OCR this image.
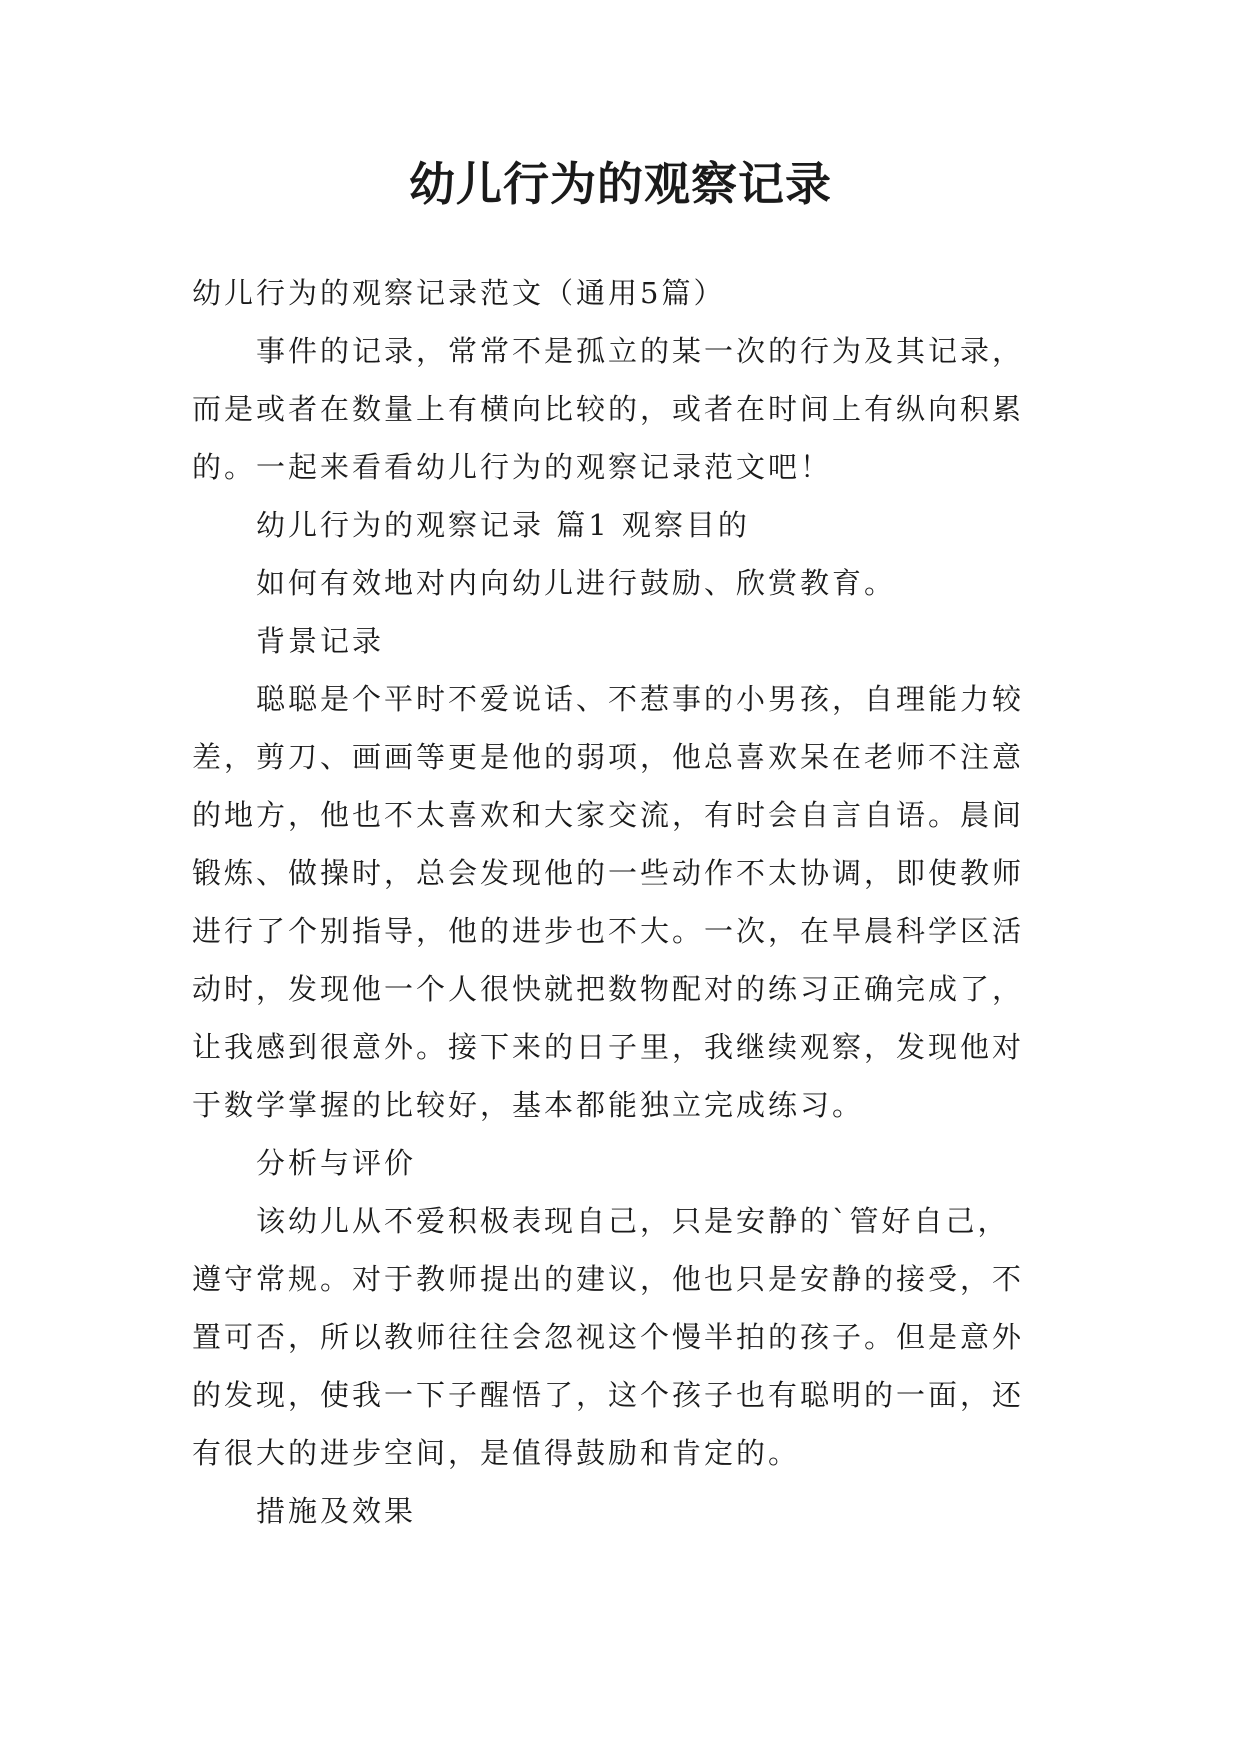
幼儿行为的观察记录
幼儿行为的观察记录范文（通用5篇）
事件的记录，常常不是孤立的某一次的行为及其记录，
而是或者在数量上有横向比较的，或者在时间上有纵向积累
的。一起来看看幼儿行为的观察记录范文吧！
幼儿行为的观察记录 篇1 观察目的
如何有效地对内向幼儿进行鼓励、欣赏教育。
背景记录
聪聪是个平时不爱说话、不惹事的小男孩，自理能力较
差，剪刀、画画等更是他的弱项，他总喜欢呆在老师不注意
的地方，他也不太喜欢和大家交流，有时会自言自语。晨间
锻炼、做操时，总会发现他的一些动作不太协调，即使教师
进行了个别指导，他的进步也不大。一次，在早晨科学区活
动时，发现他一个人很快就把数物配对的练习正确完成了，
让我感到很意外。接下来的日子里，我继续观察，发现他对
于数学掌握的比较好，基本都能独立完成练习。
分析与评价
该幼儿从不爱积极表现自己，只是安静的`管好自己，
遵守常规。对于教师提出的建议，他也只是安静的接受，不
置可否，所以教师往往会忽视这个慢半拍的孩子。但是意外
的发现，使我一下子醒悟了，这个孩子也有聪明的一面，还
有很大的进步空间，是值得鼓励和肯定的。
措施及效果
